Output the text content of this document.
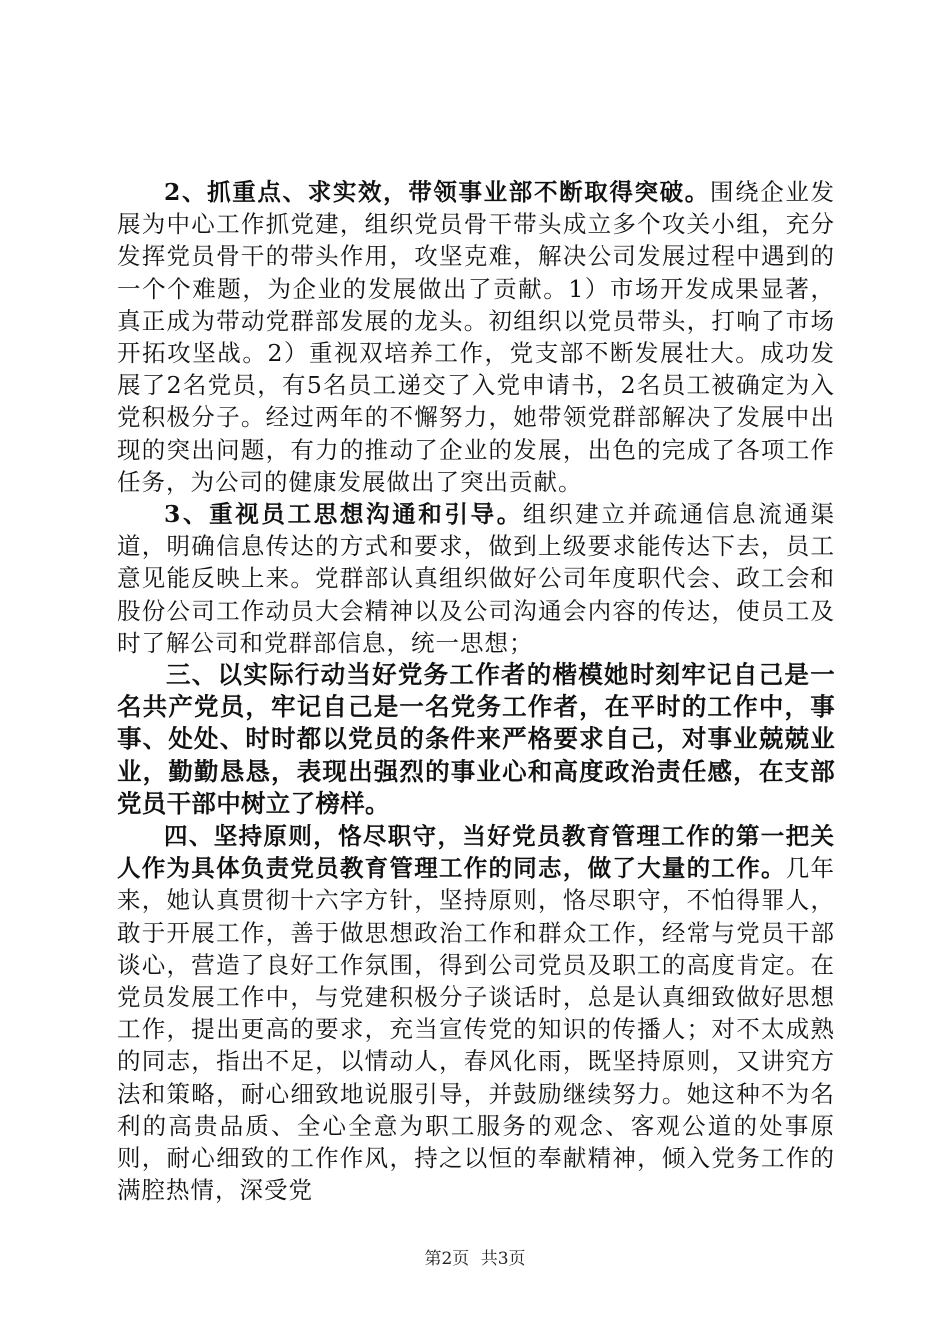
2、抓重点、求实效，带领事业部不断取得突破。围绕企业发展为中心工作抓党建，组织党员骨干带头成立多个攻关小组，充分发挥党员骨干的带头作用，攻坚克难，解决公司发展过程中遇到的一个个难题，为企业的发展做出了贡献。1）市场开发成果显著，真正成为带动党群部发展的龙头。初组织以党员带头，打响了市场开拓攻坚战。2）重视双培养工作，党支部不断发展壮大。成功发展了2名党员，有5名员工递交了入党申请书，2名员工被确定为入党积极分子。经过两年的不懈努力，她带领党群部解决了发展中出现的突出问题，有力的推动了企业的发展，出色的完成了各项工作任务，为公司的健康发展做出了突出贡献。

3、重视员工思想沟通和引导。组织建立并疏通信息流通渠道，明确信息传达的方式和要求，做到上级要求能传达下去，员工意见能反映上来。党群部认真组织做好公司年度职代会、政工会和股份公司工作动员大会精神以及公司沟通会内容的传达，使员工及时了解公司和党群部信息，统一思想；

三、以实际行动当好党务工作者的楷模她时刻牢记自己是一名共产党员，牢记自己是一名党务工作者，在平时的工作中，事事、处处、时时都以党员的条件来严格要求自己，对事业兢兢业业，勤勤恳恳，表现出强烈的事业心和高度政治责任感，在支部党员干部中树立了榜样。

四、坚持原则，恪尽职守，当好党员教育管理工作的第一把关人作为具体负责党员教育管理工作的同志，做了大量的工作。几年来，她认真贯彻十六字方针，坚持原则，恪尽职守，不怕得罪人，敢于开展工作，善于做思想政治工作和群众工作，经常与党员干部谈心，营造了良好工作氛围，得到公司党员及职工的高度肯定。在党员发展工作中，与党建积极分子谈话时，总是认真细致做好思想工作，提出更高的要求，充当宣传党的知识的传播人；对不太成熟的同志，指出不足，以情动人，春风化雨，既坚持原则，又讲究方法和策略，耐心细致地说服引导，并鼓励继续努力。她这种不为名利的高贵品质、全心全意为职工服务的观念、客观公道的处事原则，耐心细致的工作作风，持之以恒的奉献精神，倾入党务工作的满腔热情，深受党

第2页 共3页
